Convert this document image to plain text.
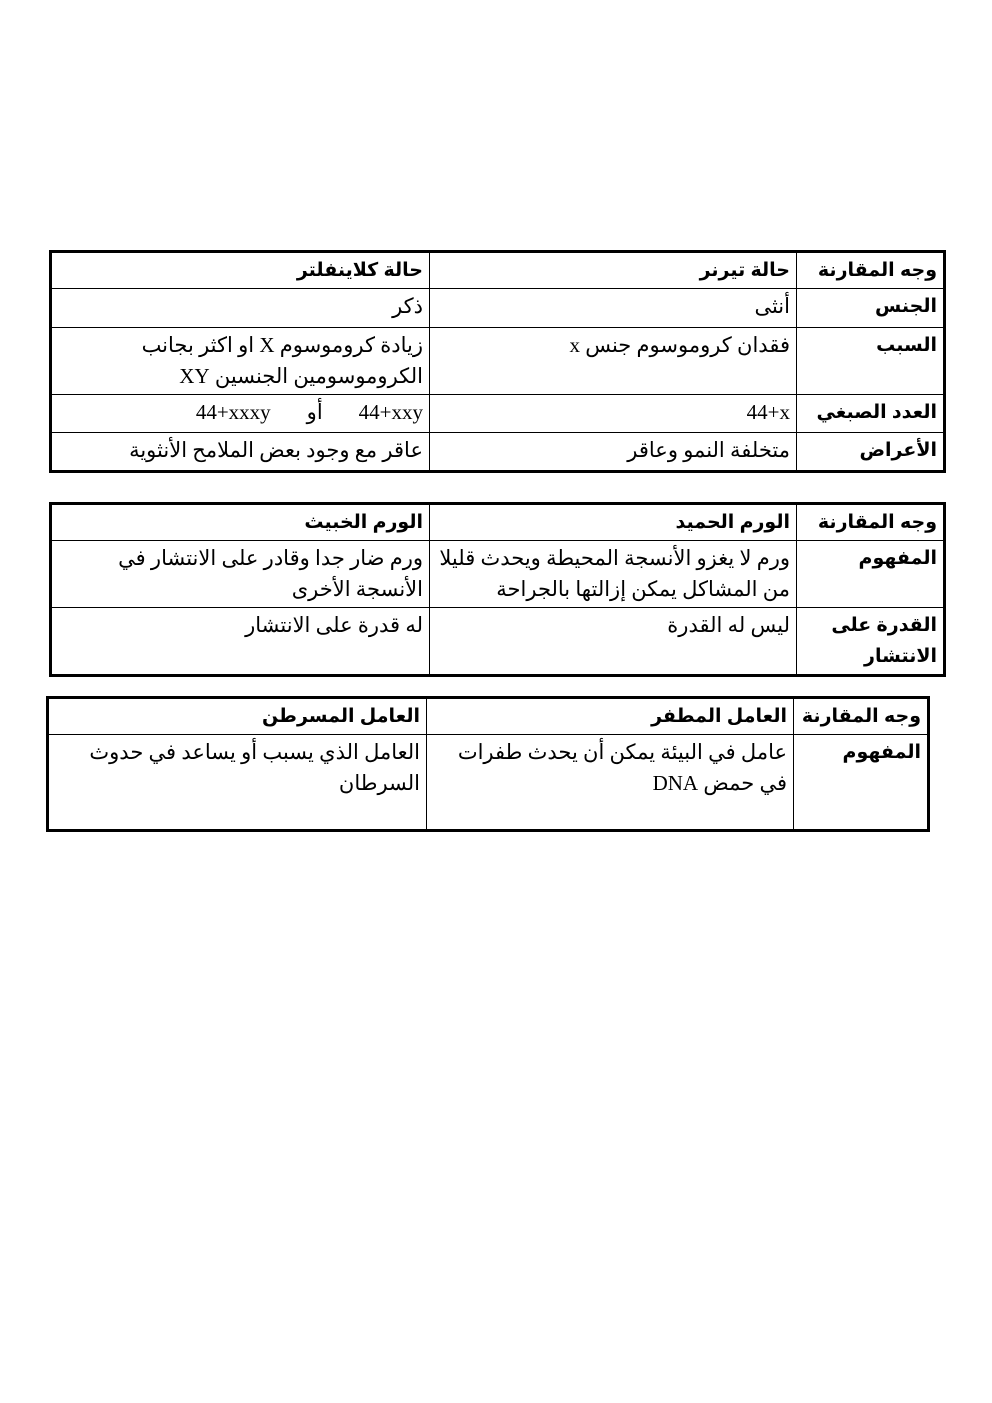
وجه المقارنة	حالة تيرنر	حالة كلاينفلتر
الجنس	أنثى	ذكر
السبب	فقدان كروموسوم جنس x	زيادة كروموسوم X او اكثر بجانب الكروموسومين الجنسين XY
العدد الصبغي	44+x	44+xxyأو44+xxxy
الأعراض	متخلفة النمو وعاقر	عاقر مع وجود بعض الملامح الأنثوية
وجه المقارنة	الورم الحميد	الورم الخبيث
المفهوم	ورم لا يغزو الأنسجة المحيطة ويحدث قليلا من المشاكل يمكن إزالتها بالجراحة	ورم ضار جدا وقادر على الانتشار في الأنسجة الأخرى
القدرة على الانتشار	ليس له القدرة	له قدرة على الانتشار
وجه المقارنة	العامل المطفر	العامل المسرطن
المفهوم	عامل في البيئة يمكن أن يحدث طفرات في حمض DNA	العامل الذي يسبب أو يساعد في حدوث السرطان
